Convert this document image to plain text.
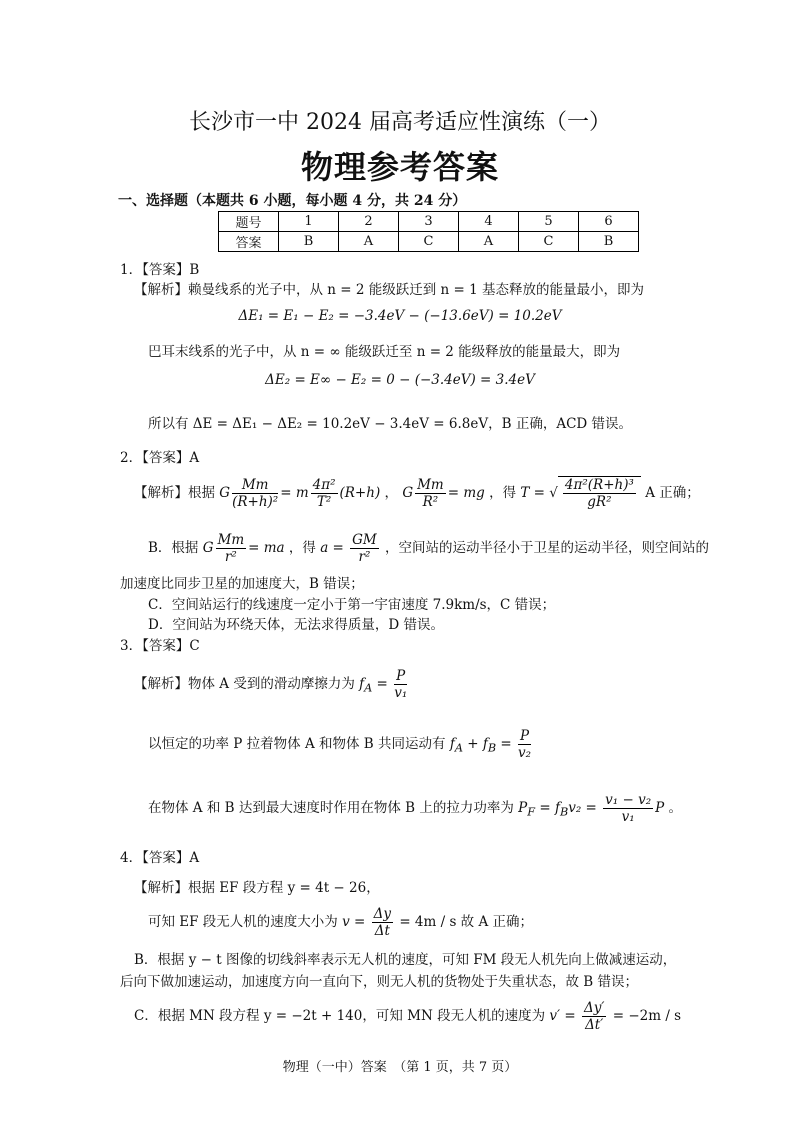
长沙市一中 2024 届高考适应性演练（一）
物理参考答案
一、选择题（本题共 6 小题，每小题 4 分，共 24 分）
题号	1	2	3	4	5	6
答案	B	A	C	A	C	B
1．【答案】B
【解析】赖曼线系的光子中，从 n = 2 能级跃迁到 n = 1 基态释放的能量最小，即为
ΔE₁ = E₁ − E₂ = −3.4eV − (−13.6eV) = 10.2eV
巴耳末线系的光子中，从 n = ∞ 能级跃迁至 n = 2 能级释放的能量最大，即为
ΔE₂ = E∞ − E₂ = 0 − (−3.4eV) = 3.4eV
所以有 ΔE = ΔE₁ − ΔE₂ = 10.2eV − 3.4eV = 6.8eV，B 正确，ACD 错误。
2．【答案】A
【解析】根据 G $\frac{Mm}{\text{(R+h)²}} = m \frac{\text{4π²}}{\text{T²}} (R+h)$ ， G $\frac{Mm}{\text{R²}}$ = mg ，得 T = √ $\frac{\text{4π²(R+h)³}}{\text{gR²}}$ A 正确；
B．根据 G $\frac{Mm}{\text{r²}}$ = ma ，得 $a = \frac{GM}{\text{r²}}$ ，空间站的运动半径小于卫星的运动半径，则空间站的
加速度比同步卫星的加速度大，B 错误；
C．空间站运行的线速度一定小于第一宇宙速度 7.9km/s，C 错误；
D．空间站为环绕天体，无法求得质量，D 错误。
3．【答案】C
【解析】物体 A 受到的滑动摩擦力为 $f_A = \frac{P}{\text{v₁}}$
以恒定的功率 P 拉着物体 A 和物体 B 共同运动有 $f_A + f_B = \frac{P}{\text{v₂}}$
在物体 A 和 B 达到最大速度时作用在物体 B 上的拉力功率为 $P_F = f_Bv_2 = \frac{\text{v₁ − v₂}}{\text{v₁}}$ P 。
4．【答案】A
【解析】根据 EF 段方程 y = 4t − 26，
可知 EF 段无人机的速度大小为 $v = \frac{\Delta y}{\Delta t} = 4m / s$ 故 A 正确；
B．根据 y − t 图像的切线斜率表示无人机的速度，可知 FM 段无人机先向上做减速运动，
后向下做加速运动，加速度方向一直向下，则无人机的货物处于失重状态，故 B 错误；
C．根据 MN 段方程 y = −2t + 140，可知 MN 段无人机的速度为 $v' = \frac{\Delta y'}{\Delta t'} = -2m / s$
物理（一中）答案　（第 1 页，共 7 页）
